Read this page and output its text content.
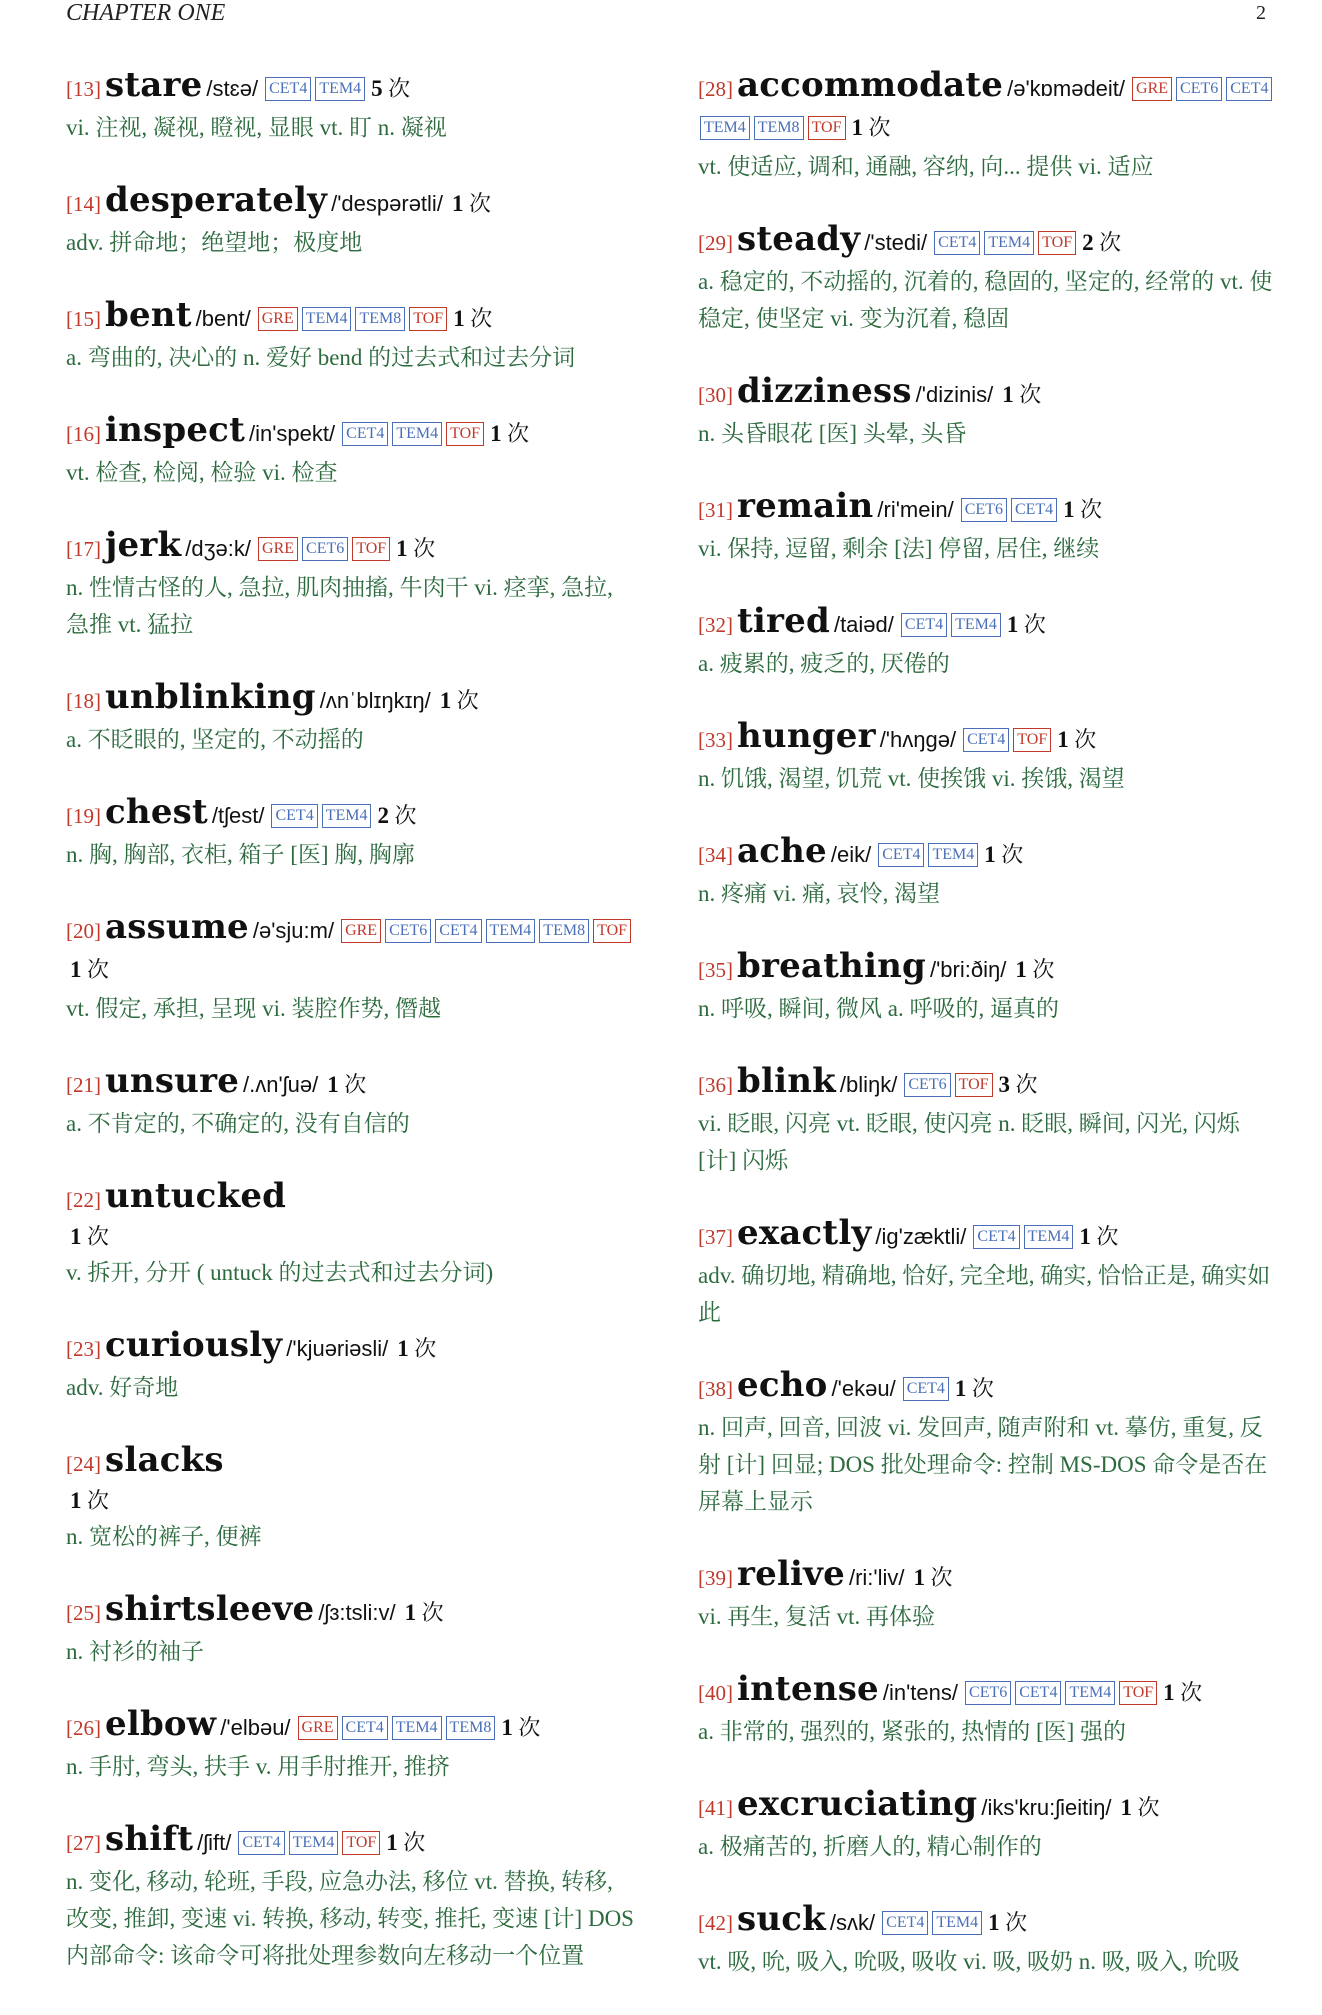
CHAPTER ONE	2
[13] stare /stɛə/ CET4 TEM4 5 次
vi. 注视, 凝视, 瞪视, 显眼 vt. 盯 n. 凝视
[14] desperately /'despərətli/ 1 次
adv. 拼命地；绝望地；极度地
[15] bent /bent/ GRE TEM4 TEM8 TOF 1 次
a. 弯曲的, 决心的 n. 爱好 bend 的过去式和过去分词
[16] inspect /in'spekt/ CET4 TEM4 TOF 1 次
vt. 检查, 检阅, 检验 vi. 检查
[17] jerk /dʒə:k/ GRE CET6 TOF 1 次
n. 性情古怪的人, 急拉, 肌肉抽搐, 牛肉干 vi. 痉挛, 急拉, 急推 vt. 猛拉
[18] unblinking /ʌnˈblɪŋkɪŋ/ 1 次
a. 不眨眼的, 坚定的, 不动摇的
[19] chest /tʃest/ CET4 TEM4 2 次
n. 胸, 胸部, 衣柜, 箱子 [医] 胸, 胸廓
[20] assume /ə'sju:m/ GRE CET6 CET4 TEM4 TEM8 TOF1 次
vt. 假定, 承担, 呈现 vi. 装腔作势, 僭越
[21] unsure /.ʌn'ʃuə/ 1 次
a. 不肯定的, 不确定的, 没有自信的
[22] untucked
1 次
v. 拆开, 分开 ( untuck 的过去式和过去分词)
[23] curiously /'kjuəriəsli/ 1 次
adv. 好奇地
[24] slacks
1 次
n. 宽松的裤子, 便裤
[25] shirtsleeve /ʃɜ:tsli:v/ 1 次
n. 衬衫的袖子
[26] elbow /'elbəu/ GRE CET4 TEM4 TEM8 1 次
n. 手肘, 弯头, 扶手 v. 用手肘推开, 推挤
[27] shift /ʃift/ CET4 TEM4 TOF 1 次
n. 变化, 移动, 轮班, 手段, 应急办法, 移位 vt. 替换, 转移, 改变, 推卸, 变速 vi. 转换, 移动, 转变, 推托, 变速 [计] DOS 内部命令: 该命令可将批处理参数向左移动一个位置
[28] accommodate /ə'kɒmədeit/ GRE CET6 CET4TEM4 TEM8 TOF 1 次
vt. 使适应, 调和, 通融, 容纳, 向... 提供 vi. 适应
[29] steady /'stedi/ CET4 TEM4 TOF 2 次
a. 稳定的, 不动摇的, 沉着的, 稳固的, 坚定的, 经常的 vt. 使稳定, 使坚定 vi. 变为沉着, 稳固
[30] dizziness /'dizinis/ 1 次
n. 头昏眼花 [医] 头晕, 头昏
[31] remain /ri'mein/ CET6 CET4 1 次
vi. 保持, 逗留, 剩余 [法] 停留, 居住, 继续
[32] tired /taiəd/ CET4 TEM4 1 次
a. 疲累的, 疲乏的, 厌倦的
[33] hunger /'hʌŋgə/ CET4 TOF 1 次
n. 饥饿, 渴望, 饥荒 vt. 使挨饿 vi. 挨饿, 渴望
[34] ache /eik/ CET4 TEM4 1 次
n. 疼痛 vi. 痛, 哀怜, 渴望
[35] breathing /'bri:ðiŋ/ 1 次
n. 呼吸, 瞬间, 微风 a. 呼吸的, 逼真的
[36] blink /bliŋk/ CET6 TOF 3 次
vi. 眨眼, 闪亮 vt. 眨眼, 使闪亮 n. 眨眼, 瞬间, 闪光, 闪烁 [计] 闪烁
[37] exactly /ig'zæktli/ CET4 TEM4 1 次
adv. 确切地, 精确地, 恰好, 完全地, 确实, 恰恰正是, 确实如此
[38] echo /'ekəu/ CET4 1 次
n. 回声, 回音, 回波 vi. 发回声, 随声附和 vt. 摹仿, 重复, 反射 [计] 回显; DOS 批处理命令: 控制 MS-DOS 命令是否在屏幕上显示
[39] relive /ri:'liv/ 1 次
vi. 再生, 复活 vt. 再体验
[40] intense /in'tens/ CET6 CET4 TEM4 TOF 1 次
a. 非常的, 强烈的, 紧张的, 热情的 [医] 强的
[41] excruciating /iks'kru:ʃieitiŋ/ 1 次
a. 极痛苦的, 折磨人的, 精心制作的
[42] suck /sʌk/ CET4 TEM4 1 次
vt. 吸, 吮, 吸入, 吮吸, 吸收 vi. 吸, 吸奶 n. 吸, 吸入, 吮吸
